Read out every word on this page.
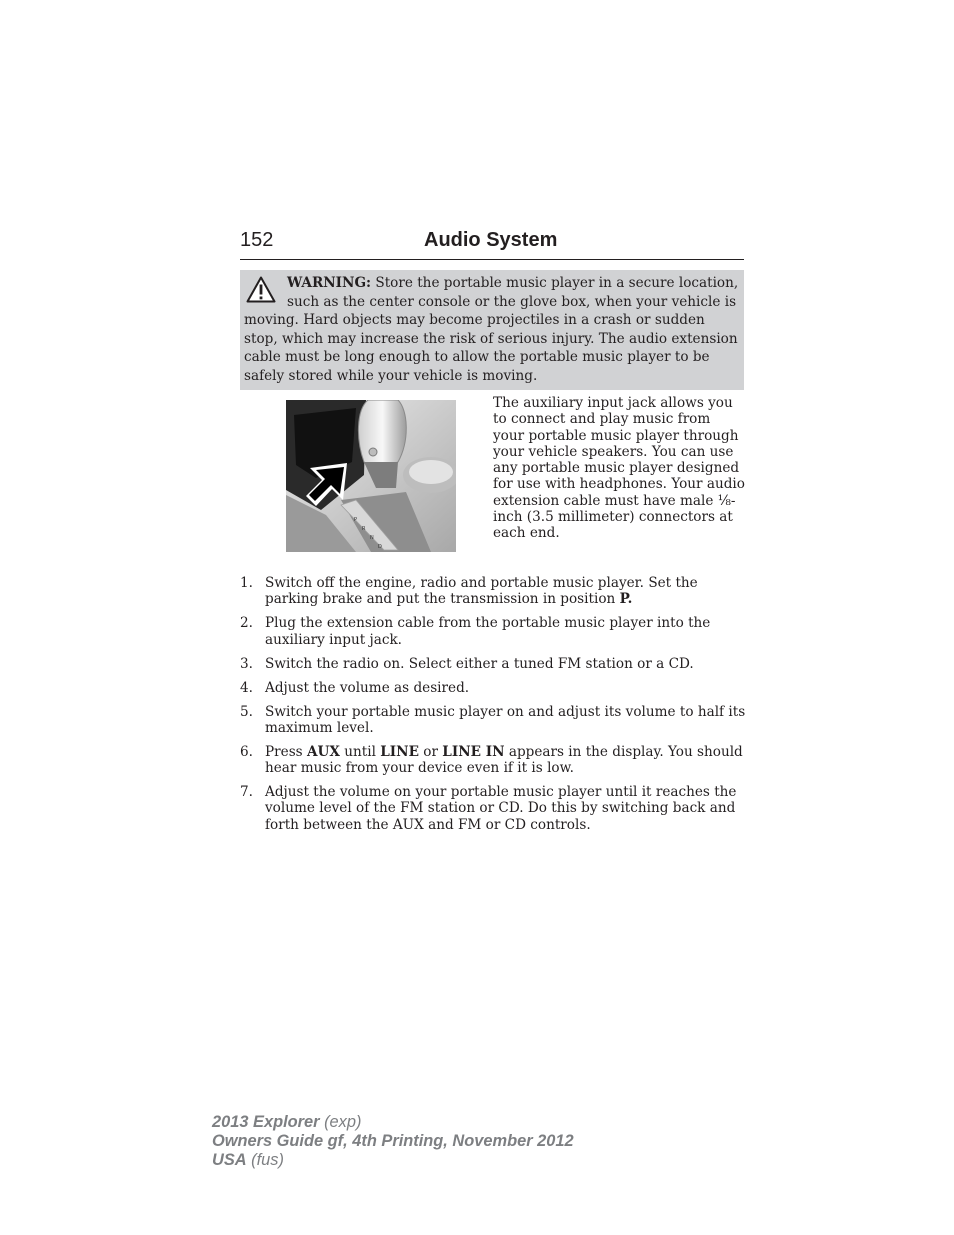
152	Audio System
WARNING: Store the portable music player in a secure location, such as the center console or the glove box, when your vehicle is moving. Hard objects may become projectiles in a crash or sudden stop, which may increase the risk of serious injury. The audio extension cable must be long enough to allow the portable music player to be safely stored while your vehicle is moving.
P
R
N
D
The auxiliary input jack allows you to connect and play music from your portable music player through your vehicle speakers. You can use any portable music player designed for use with headphones. Your audio extension cable must have male ⅛-inch (3.5 millimeter) connectors at each end.
1. Switch off the engine, radio and portable music player. Set the parking brake and put the transmission in position P.
2. Plug the extension cable from the portable music player into the auxiliary input jack.
3. Switch the radio on. Select either a tuned FM station or a CD.
4. Adjust the volume as desired.
5. Switch your portable music player on and adjust its volume to half its maximum level.
6. Press AUX until LINE or LINE IN appears in the display. You should hear music from your device even if it is low.
7. Adjust the volume on your portable music player until it reaches the volume level of the FM station or CD. Do this by switching back and forth between the AUX and FM or CD controls.
2013 Explorer (exp)
Owners Guide gf, 4th Printing, November 2012
USA (fus)
